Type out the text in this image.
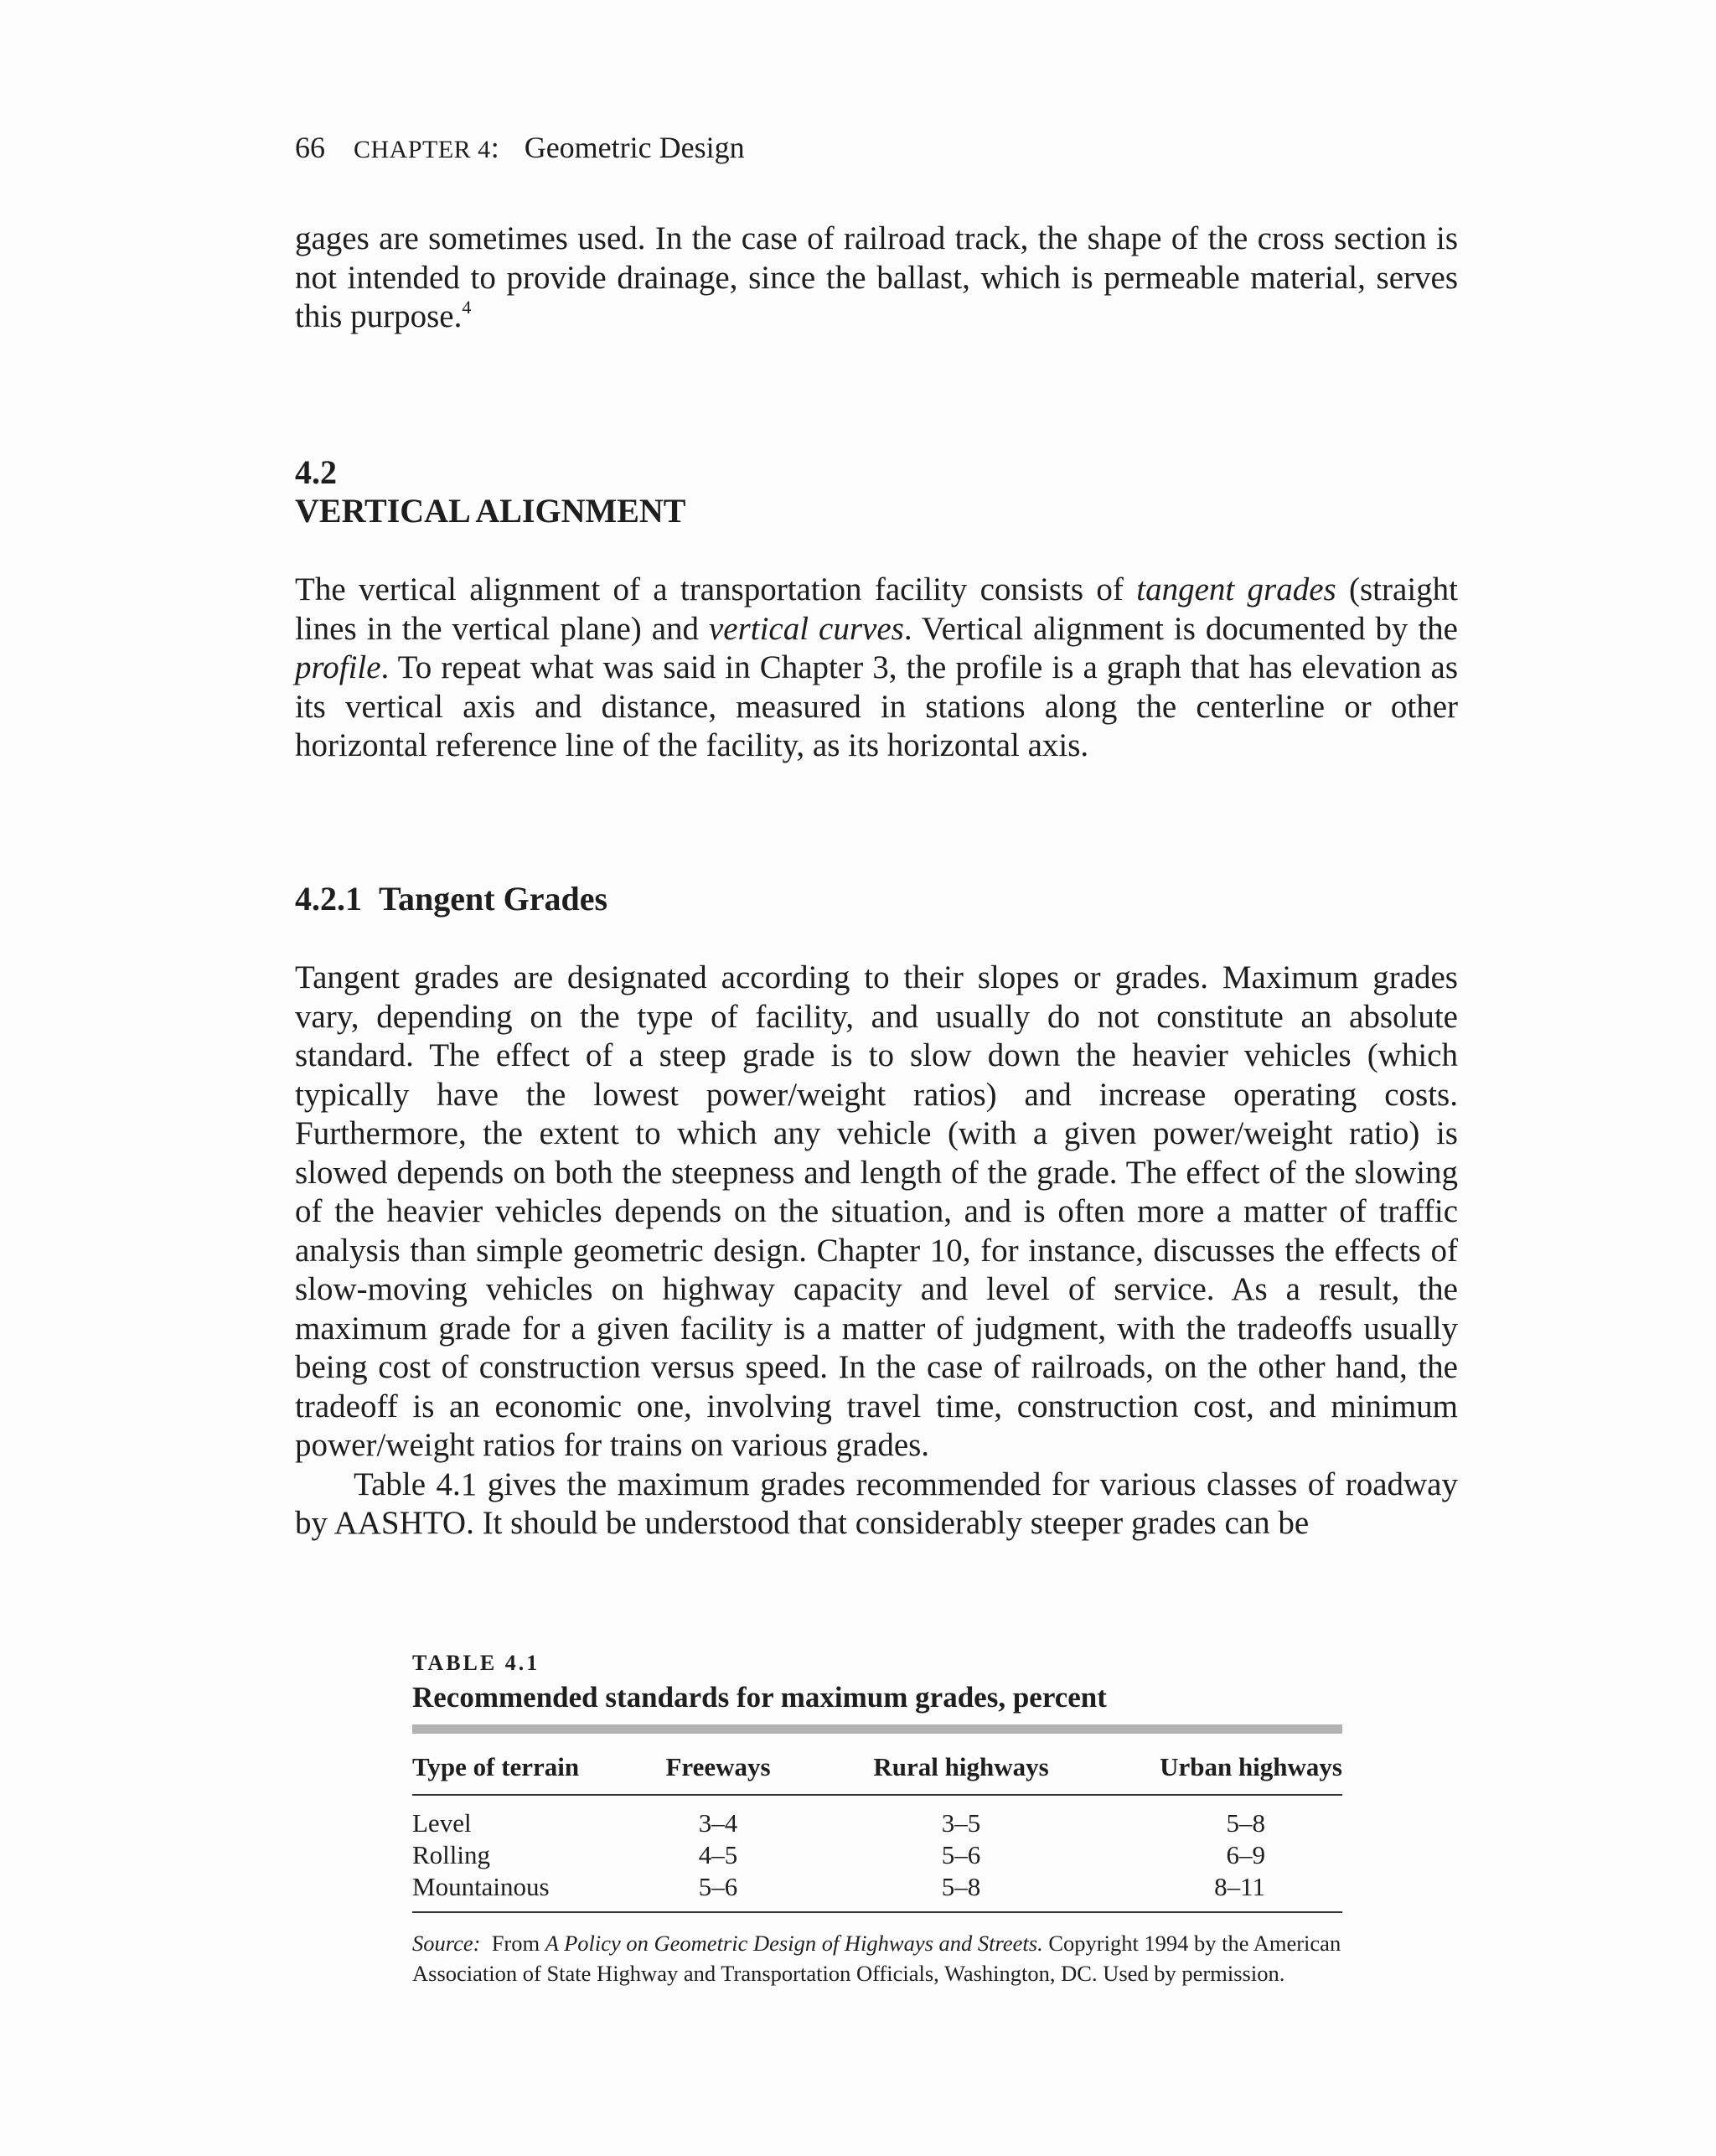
66 CHAPTER 4: Geometric Design

gages are sometimes used. In the case of railroad track, the shape of the cross section is not intended to provide drainage, since the ballast, which is permeable material, serves this purpose.$^4$

4.2
VERTICAL ALIGNMENT

The vertical alignment of a transportation facility consists of tangent grades (straight lines in the vertical plane) and vertical curves. Vertical alignment is documented by the profile. To repeat what was said in Chapter 3, the profile is a graph that has elevation as its vertical axis and distance, measured in stations along the centerline or other horizontal reference line of the facility, as its horizontal axis.

4.2.1 Tangent Grades

Tangent grades are designated according to their slopes or grades. Maximum grades vary, depending on the type of facility, and usually do not constitute an absolute standard. The effect of a steep grade is to slow down the heavier vehicles (which typically have the lowest power/weight ratios) and increase operating costs. Furthermore, the extent to which any vehicle (with a given power/weight ratio) is slowed depends on both the steepness and length of the grade. The effect of the slowing of the heavier vehicles depends on the situation, and is often more a matter of traffic analysis than simple geometric design. Chapter 10, for instance, discusses the effects of slow-moving vehicles on highway capacity and level of service. As a result, the maximum grade for a given facility is a matter of judgment, with the tradeoffs usually being cost of construction versus speed. In the case of railroads, on the other hand, the tradeoff is an economic one, involving travel time, construction cost, and minimum power/weight ratios for trains on various grades.

Table 4.1 gives the maximum grades recommended for various classes of roadway by AASHTO. It should be understood that considerably steeper grades can be

TABLE 4.1
Recommended standards for maximum grades, percent
Type of terrain	Freeways	Rural highways	Urban highways
Level	3–4	3–5	5–8
Rolling	4–5	5–6	6–9
Mountainous	5–6	5–8	8–11
Source: From A Policy on Geometric Design of Highways and Streets. Copyright 1994 by the American Association of State Highway and Transportation Officials, Washington, DC. Used by permission.
